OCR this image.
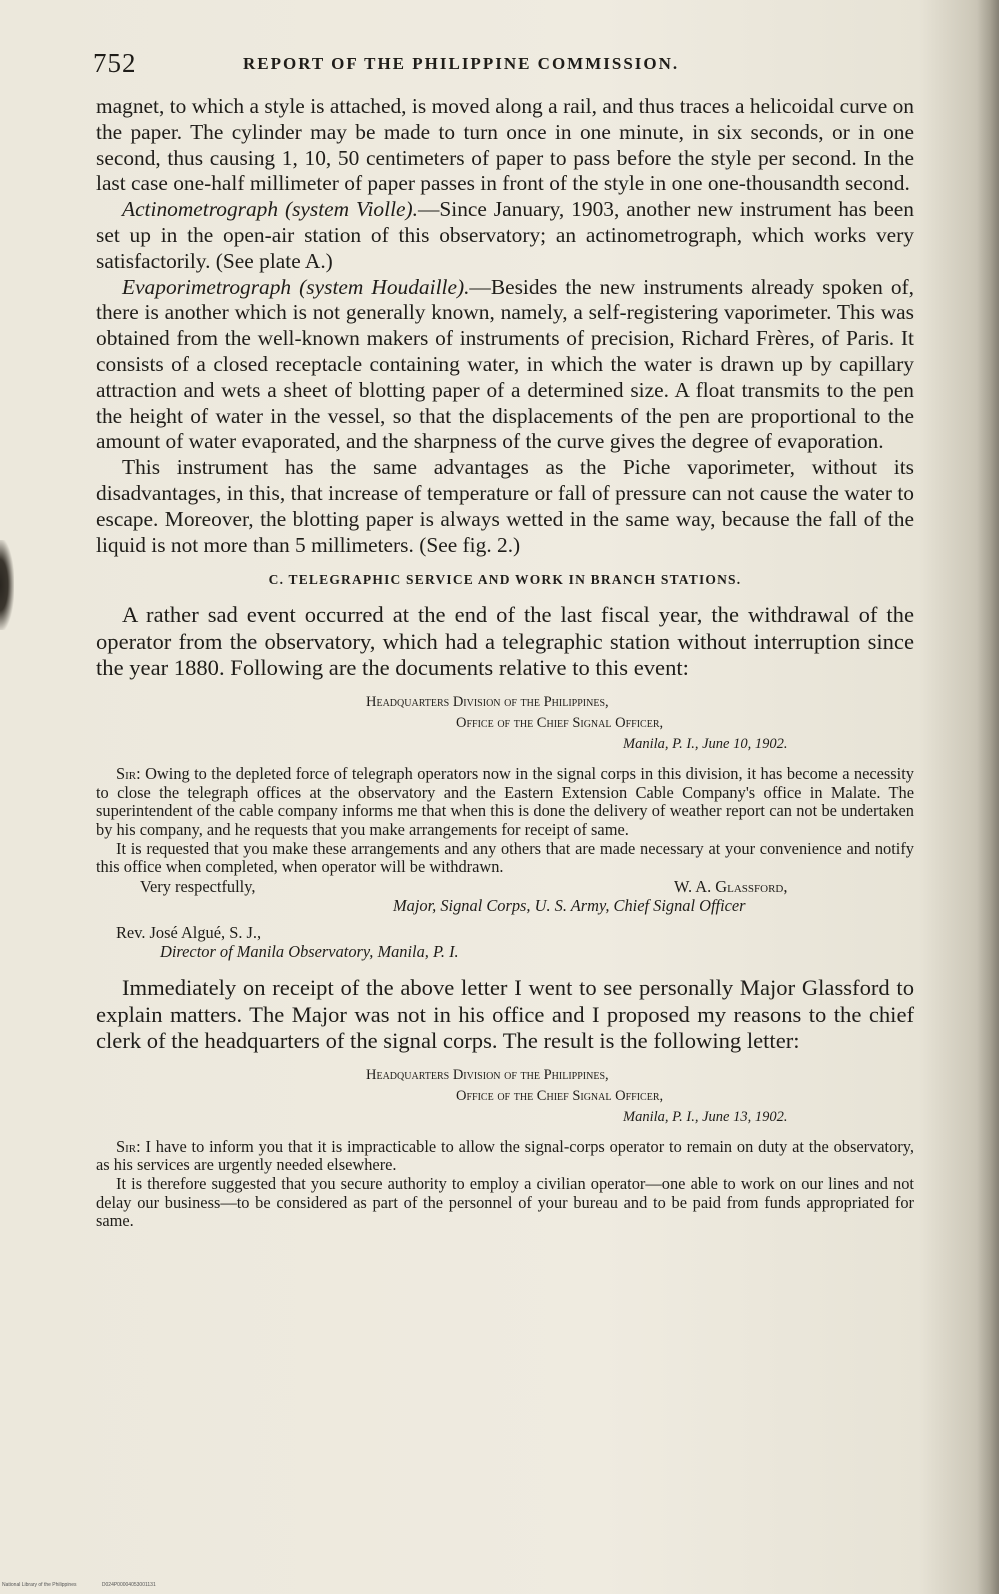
752	REPORT OF THE PHILIPPINE COMMISSION.

magnet, to which a style is attached, is moved along a rail, and thus traces a helicoidal curve on the paper. The cylinder may be made to turn once in one minute, in six seconds, or in one second, thus causing 1, 10, 50 centimeters of paper to pass before the style per second. In the last case one-half millimeter of paper passes in front of the style in one one-thousandth second.

Actinometrograph (system Violle).—Since January, 1903, another new instrument has been set up in the open-air station of this observatory; an actinometrograph, which works very satisfactorily. (See plate A.)

Evaporimetrograph (system Houdaille).—Besides the new instruments already spoken of, there is another which is not generally known, namely, a self-registering vaporimeter. This was obtained from the well-known makers of instruments of precision, Richard Frères, of Paris. It consists of a closed receptacle containing water, in which the water is drawn up by capillary attraction and wets a sheet of blotting paper of a determined size. A float transmits to the pen the height of water in the vessel, so that the displacements of the pen are proportional to the amount of water evaporated, and the sharpness of the curve gives the degree of evaporation.

This instrument has the same advantages as the Piche vaporimeter, without its disadvantages, in this, that increase of temperature or fall of pressure can not cause the water to escape. Moreover, the blotting paper is always wetted in the same way, because the fall of the liquid is not more than 5 millimeters. (See fig. 2.)

C. TELEGRAPHIC SERVICE AND WORK IN BRANCH STATIONS.

A rather sad event occurred at the end of the last fiscal year, the withdrawal of the operator from the observatory, which had a telegraphic station without interruption since the year 1880. Following are the documents relative to this event:

Headquarters Division of the Philippines,
Office of the Chief Signal Officer,
Manila, P. I., June 10, 1902.

Sir: Owing to the depleted force of telegraph operators now in the signal corps in this division, it has become a necessity to close the telegraph offices at the observatory and the Eastern Extension Cable Company's office in Malate. The superintendent of the cable company informs me that when this is done the delivery of weather report can not be undertaken by his company, and he requests that you make arrangements for receipt of same.

It is requested that you make these arrangements and any others that are made necessary at your convenience and notify this office when completed, when operator will be withdrawn.

Very respectfully,	W. A. Glassford,
Major, Signal Corps, U. S. Army, Chief Signal Officer
Rev. José Algué, S. J.,
Director of Manila Observatory, Manila, P. I.

Immediately on receipt of the above letter I went to see personally Major Glassford to explain matters. The Major was not in his office and I proposed my reasons to the chief clerk of the headquarters of the signal corps. The result is the following letter:

Headquarters Division of the Philippines,
Office of the Chief Signal Officer,
Manila, P. I., June 13, 1902.

Sir: I have to inform you that it is impracticable to allow the signal-corps operator to remain on duty at the observatory, as his services are urgently needed elsewhere.

It is therefore suggested that you secure authority to employ a civilian operator—one able to work on our lines and not delay our business—to be considered as part of the personnel of your bureau and to be paid from funds appropriated for same.

National Library of the Philippines	D024P00004053001131
